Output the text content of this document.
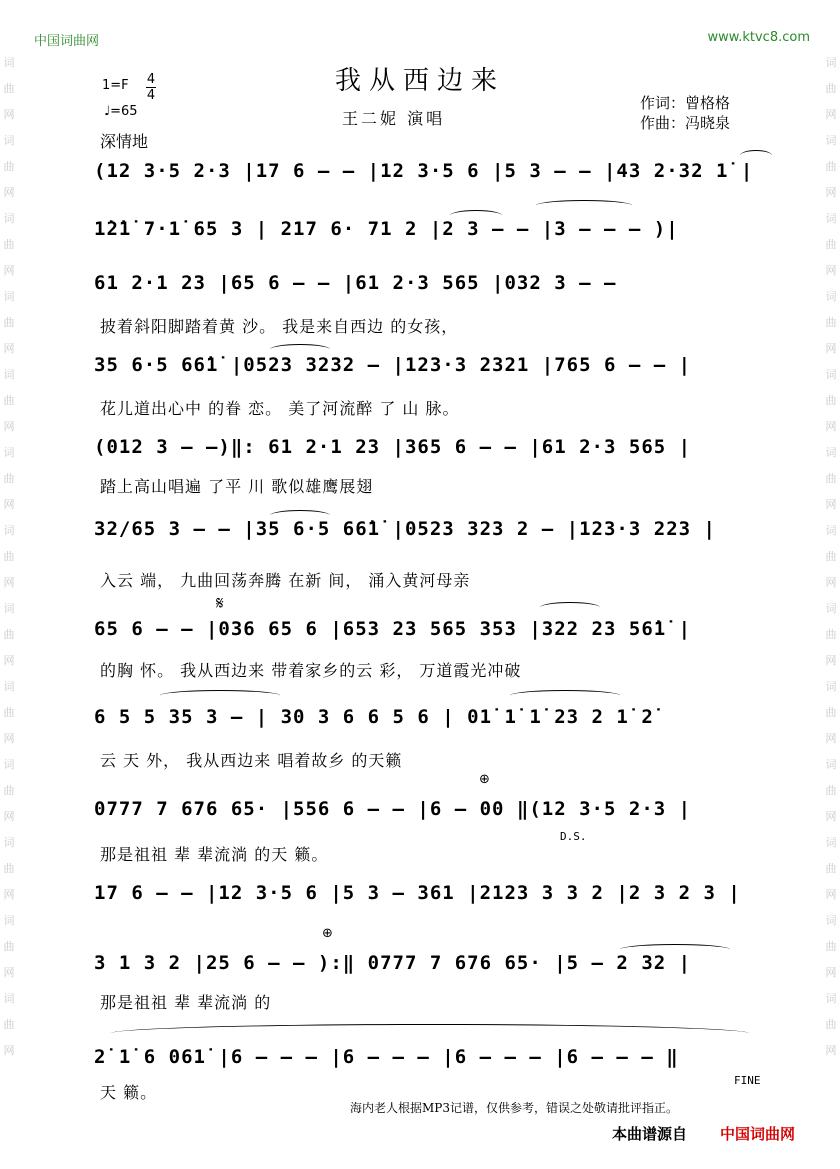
中国词曲网	www.ktvc8.com
词曲网词曲网词曲网词曲网词曲网词曲网词曲网词曲网词曲网词曲网词曲网词曲网词曲网
词曲网词曲网词曲网词曲网词曲网词曲网词曲网词曲网词曲网词曲网词曲网词曲网词曲网
我从西边来
王二妮 演唱
作词：曾格格
作曲：冯晓泉
1=F 4
4
♩=65
深情地
(12 3·5 2·3 |17 6 – – |12 3·5 6 |5 3 – – |43 2·32 1̇ |
1̇2̇1̇ 7·1̇ 65 3 | 217 6· 71 2 |2 3 – – |3 – – – )|
61 2·1 23 |65 6 – – |61 2·3 565 |032 3 – –
披着斜阳脚踏着黄 沙。 我是来自西边 的女孩，
35 6·5 66̇1̇ |0523 3232 – |123·3 2321 |765 6 – – |
花儿道出心中 的眷 恋。 美了河流醉 了 山 脉。
(012 3 – –)‖: 61 2·1 23 |365 6 – – |61 2·3 565 |
踏上高山唱遍 了平 川 歌似雄鹰展翅
32/65 3 – – |35 6·5 66̇1̇ |0523 323 2 – |123·3 223 |
入云 端， 九曲回荡奔腾 在新 间， 涌入黄河母亲
65 6 – – |036 65 6 |653 23 565 353 |322 23 56̇1̇ |
的胸 怀。 我从西边来 带着家乡的云 彩， 万道霞光冲破
𝄋
6 5 5 35 3 – | 30 3 6 6 5 6 | 01̇ 1̇ 1̇ 23 2 1̇ 2̇
云 天 外， 我从西边来 唱着故乡 的天籁
0777 7 676 65· |556 6 – – |6 – 00 ‖(12 3·5 2·3 |
那是祖祖 辈 辈流淌 的天 籁。
D.S.
⊕
17 6 – – |12 3·5 6 |5 3 – 361 |2123 3 3 2 |2 3 2 3 |
3 1 3 2 |25 6 – – ):‖ 0777 7 676 65· |5 – 2 32 |
那是祖祖 辈 辈流淌 的
⊕
2̇ 1̇ 6 061̇ |6 – – – |6 – – – |6 – – – |6 – – – ‖
天 籁。
FINE
海内老人根据MP3记谱，仅供参考，错误之处敬请批评指正。
本曲谱源自 中国词曲网
